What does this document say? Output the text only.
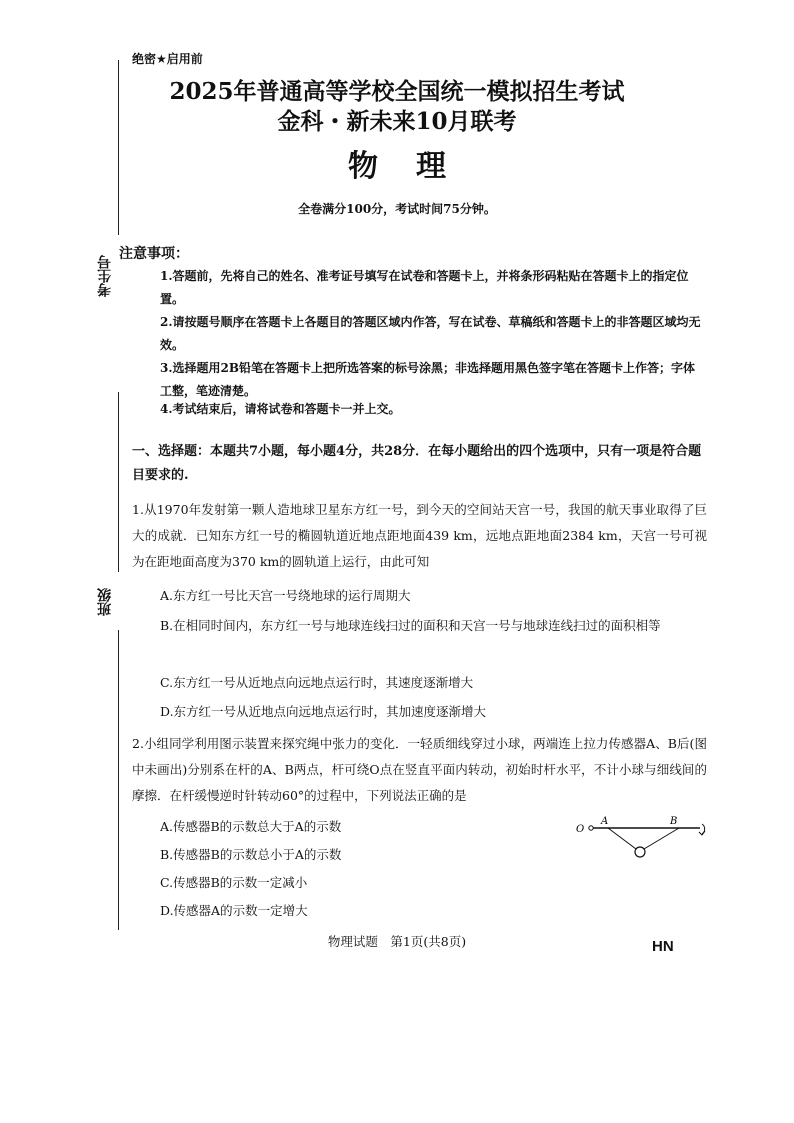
绝密★启用前
2025年普通高等学校全国统一模拟招生考试
金科・新未来10月联考
物理
全卷满分100分，考试时间75分钟。
考生号
班级
注意事项：
1.答题前，先将自己的姓名、准考证号填写在试卷和答题卡上，并将条形码粘贴在答题卡上的指定位置。
2.请按题号顺序在答题卡上各题目的答题区域内作答，写在试卷、草稿纸和答题卡上的非答题区域均无效。
3.选择题用2B铅笔在答题卡上把所选答案的标号涂黑；非选择题用黑色签字笔在答题卡上作答；字体工整，笔迹清楚。
4.考试结束后，请将试卷和答题卡一并上交。
一、选择题：本题共7小题，每小题4分，共28分．在每小题给出的四个选项中，只有一项是符合题目要求的.
1.从1970年发射第一颗人造地球卫星东方红一号，到今天的空间站天宫一号，我国的航天事业取得了巨大的成就．已知东方红一号的椭圆轨道近地点距地面439 km，远地点距地面2384 km，天宫一号可视为在距地面高度为370 km的圆轨道上运行，由此可知
A.东方红一号比天宫一号绕地球的运行周期大
B.在相同时间内，东方红一号与地球连线扫过的面积和天宫一号与地球连线扫过的面积相等
C.东方红一号从近地点向远地点运行时，其速度逐渐增大
D.东方红一号从近地点向远地点运行时，其加速度逐渐增大
2.小组同学利用图示装置来探究绳中张力的变化．一轻质细线穿过小球，两端连上拉力传感器A、B后(图中未画出)分别系在杆的A、B两点，杆可绕O点在竖直平面内转动，初始时杆水平，不计小球与细线间的摩擦．在杆缓慢逆时针转动60°的过程中，下列说法正确的是
A.传感器B的示数总大于A的示数
B.传感器B的示数总小于A的示数
C.传感器B的示数一定减小
D.传感器A的示数一定增大
O
A	B
物理试题　第1页(共8页)	HN
